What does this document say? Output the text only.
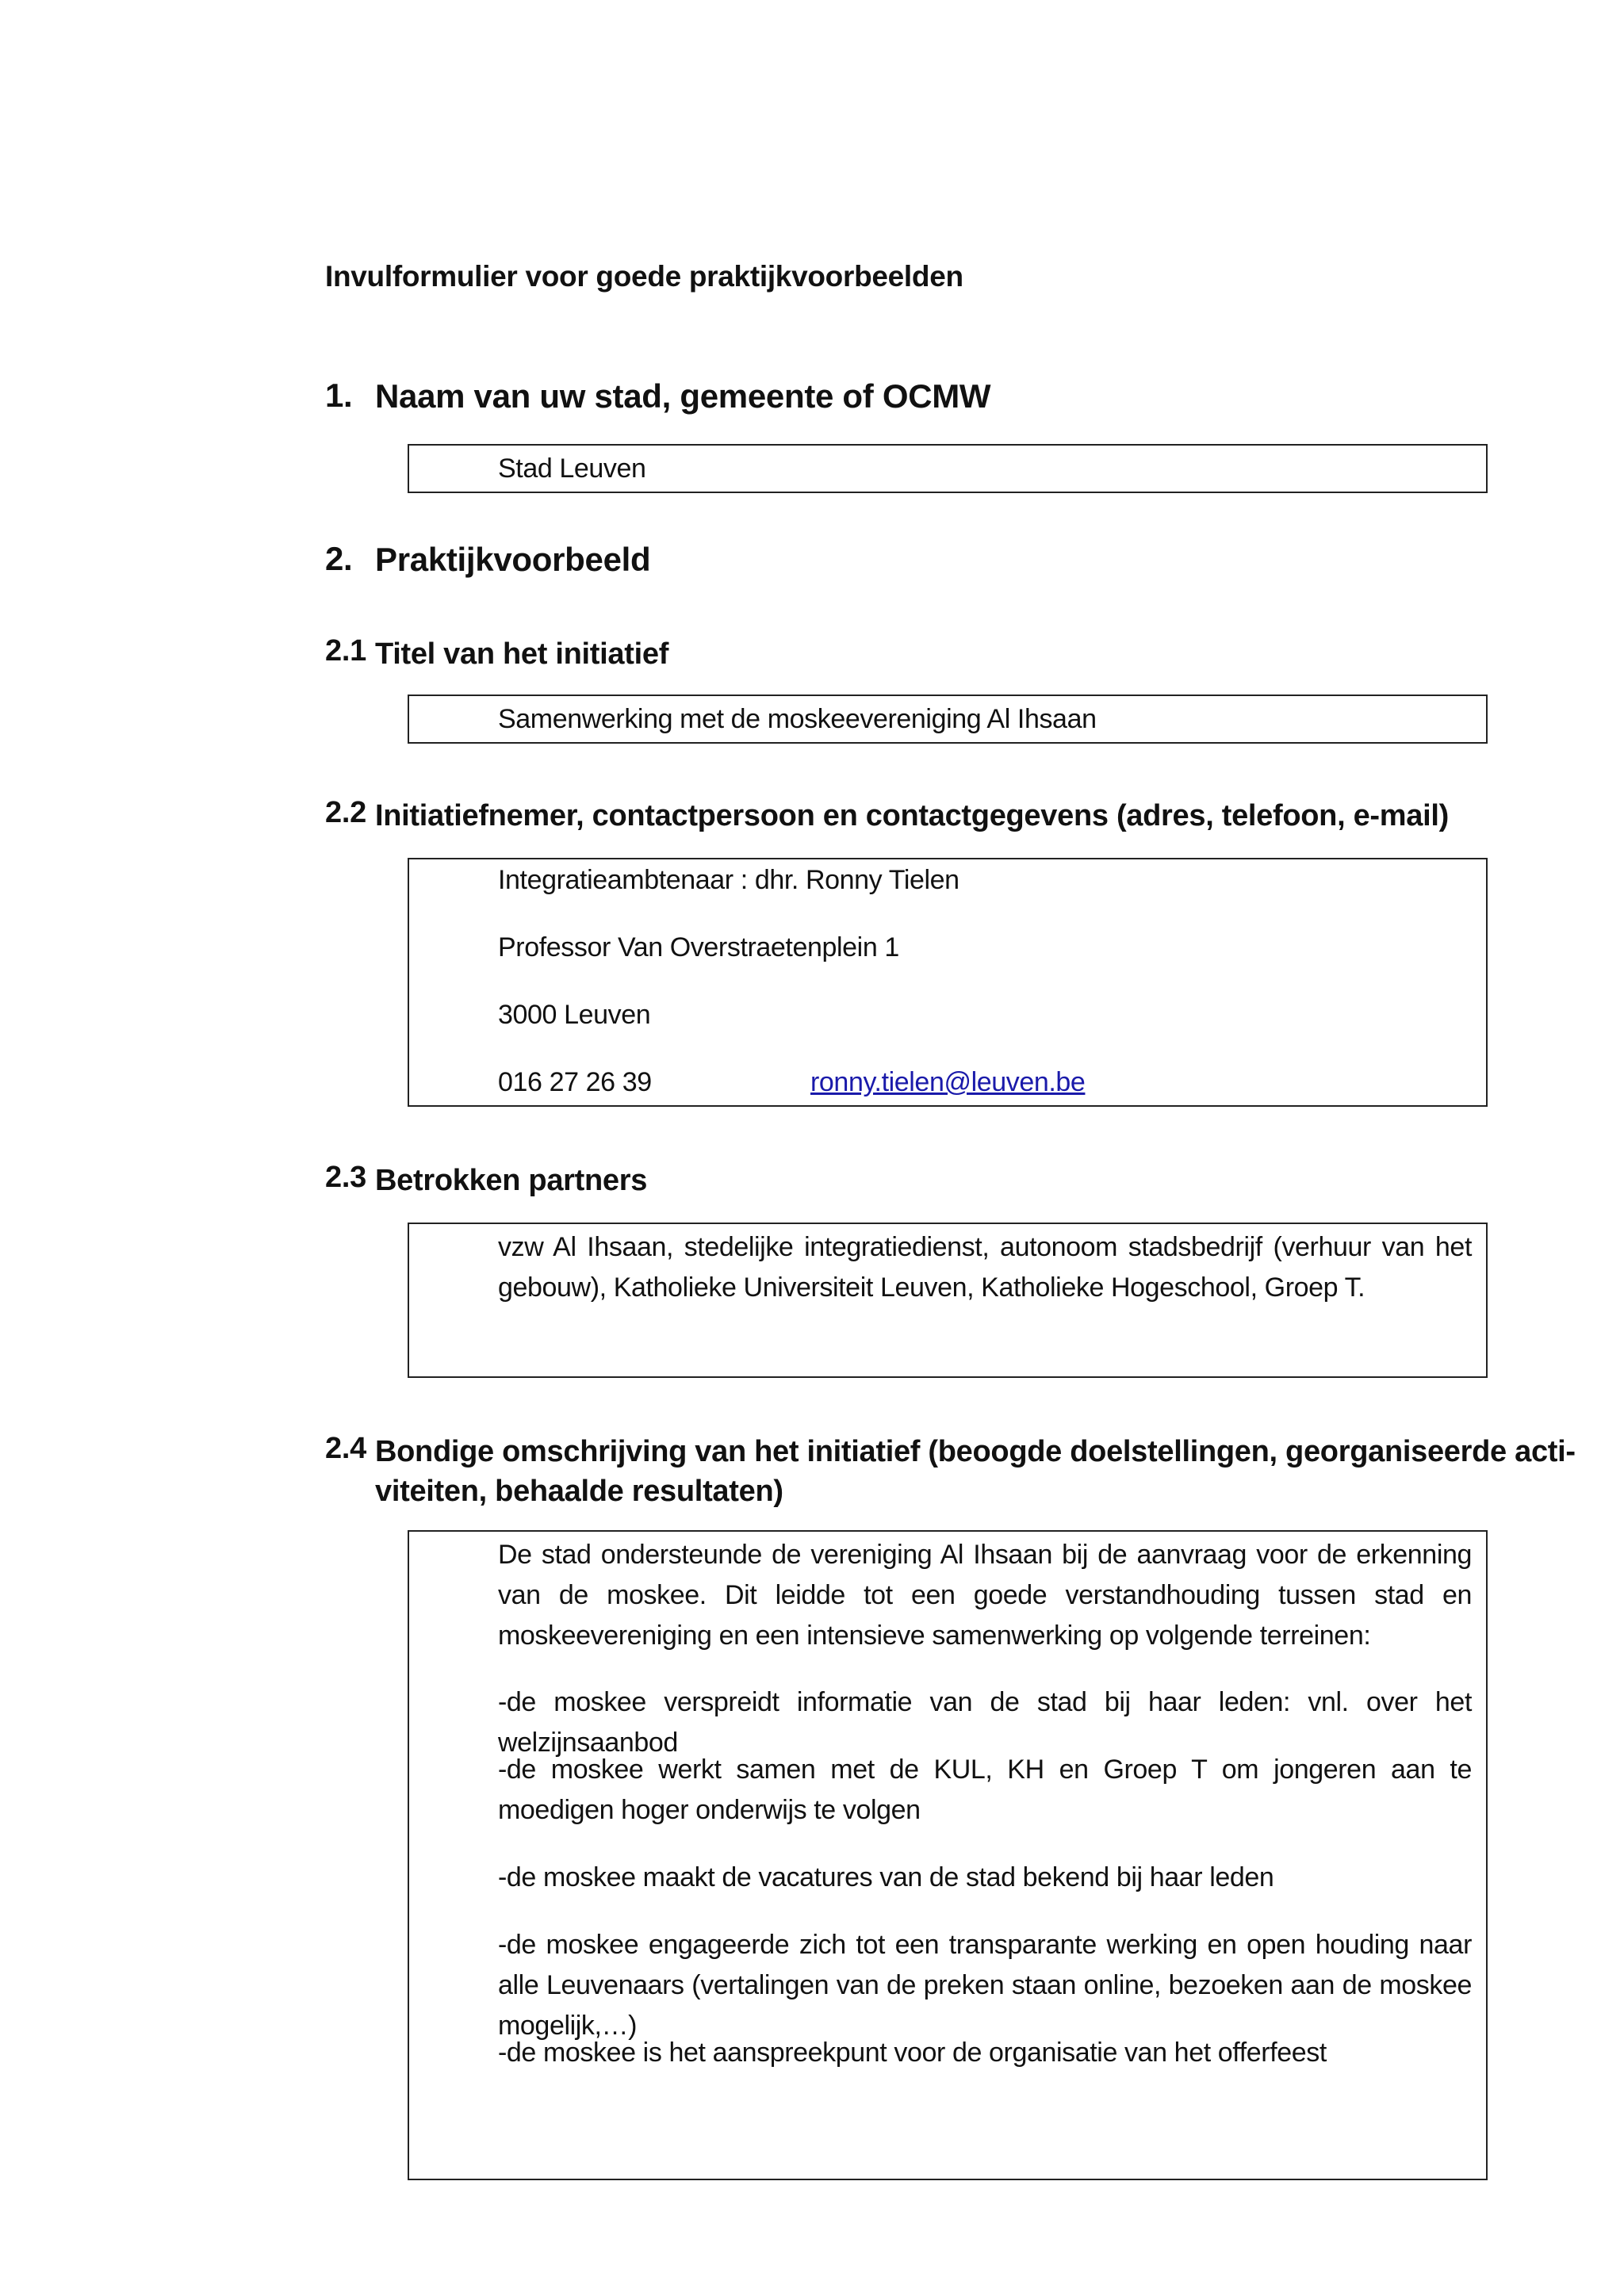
Invulformulier voor goede praktijkvoorbeelden
1. Naam van uw stad, gemeente of OCMW
Stad Leuven
2. Praktijkvoorbeeld
2.1 Titel van het initiatief
Samenwerking met de moskeevereniging Al Ihsaan
2.2 Initiatiefnemer, contactpersoon en contactgegevens (adres, telefoon, e-mail)
Integratieambtenaar : dhr. Ronny Tielen
Professor Van Overstraetenplein 1
3000 Leuven
016 27 26 39	ronny.tielen@leuven.be
2.3 Betrokken partners
vzw Al Ihsaan, stedelijke integratiedienst, autonoom stadsbedrijf (verhuur van het gebouw), Katholieke Universiteit Leuven, Katholieke Hogeschool, Groep T.
2.4 Bondige omschrijving van het initiatief (beoogde doelstellingen, georganiseerde acti-
viteiten, behaalde resultaten)
De stad ondersteunde de vereniging Al Ihsaan bij de aanvraag voor de erkenning van de moskee. Dit leidde tot een goede verstandhouding tussen stad en moskeevereniging en een intensieve samenwerking op volgende terreinen:
-de moskee verspreidt informatie van de stad bij haar leden: vnl. over het welzijnsaanbod
-de moskee werkt samen met de KUL, KH en Groep T om jongeren aan te moedigen hoger onderwijs te volgen
-de moskee maakt de vacatures van de stad bekend bij haar leden
-de moskee engageerde zich tot een transparante werking en open houding naar alle Leuvenaars (vertalingen van de preken staan online, bezoeken aan de moskee mogelijk,…)
-de moskee is het aanspreekpunt voor de organisatie van het offerfeest
